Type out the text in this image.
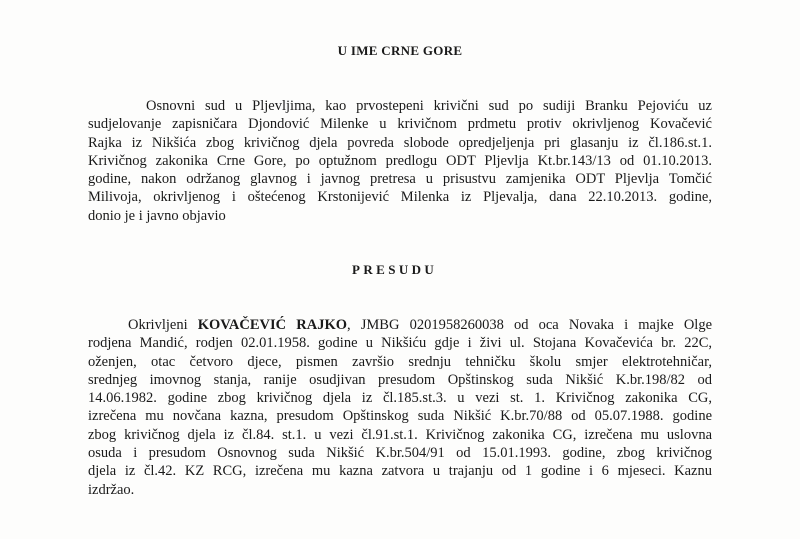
U IME CRNE GORE
Osnovni sud u Pljevljima, kao prvostepeni krivični sud po sudiji Branku Pejoviću uz
sudjelovanje zapisničara Djondović Milenke u krivičnom prdmetu protiv okrivljenog Kovačević
Rajka iz Nikšića zbog krivičnog djela povreda slobode opredjeljenja pri glasanju iz čl.186.st.1.
Krivičnog zakonika Crne Gore, po optužnom predlogu ODT Pljevlja Kt.br.143/13 od 01.10.2013.
godine, nakon održanog glavnog i javnog pretresa u prisustvu zamjenika ODT Pljevlja Tomčić
Milivoja, okrivljenog i oštećenog Krstonijević Milenka iz Pljevalja, dana 22.10.2013. godine,
donio je i javno objavio
PRESUDU
Okrivljeni KOVAČEVIĆ RAJKO, JMBG 0201958260038 od oca Novaka i majke Olge
rodjena Mandić, rodjen 02.01.1958. godine u Nikšiću gdje i živi ul. Stojana Kovačevića br. 22C,
oženjen, otac četvoro djece, pismen završio srednju tehničku školu smjer elektrotehničar,
srednjeg imovnog stanja, ranije osudjivan presudom Opštinskog suda Nikšić K.br.198/82 od
14.06.1982. godine zbog krivičnog djela iz čl.185.st.3. u vezi st. 1. Krivičnog zakonika CG,
izrečena mu novčana kazna, presudom Opštinskog suda Nikšić K.br.70/88 od 05.07.1988. godine
zbog krivičnog djela iz čl.84. st.1. u vezi čl.91.st.1. Krivičnog zakonika CG, izrečena mu uslovna
osuda i presudom Osnovnog suda Nikšić K.br.504/91 od 15.01.1993. godine, zbog krivičnog
djela iz čl.42. KZ RCG, izrečena mu kazna zatvora u trajanju od 1 godine i 6 mjeseci. Kaznu
izdržao.
